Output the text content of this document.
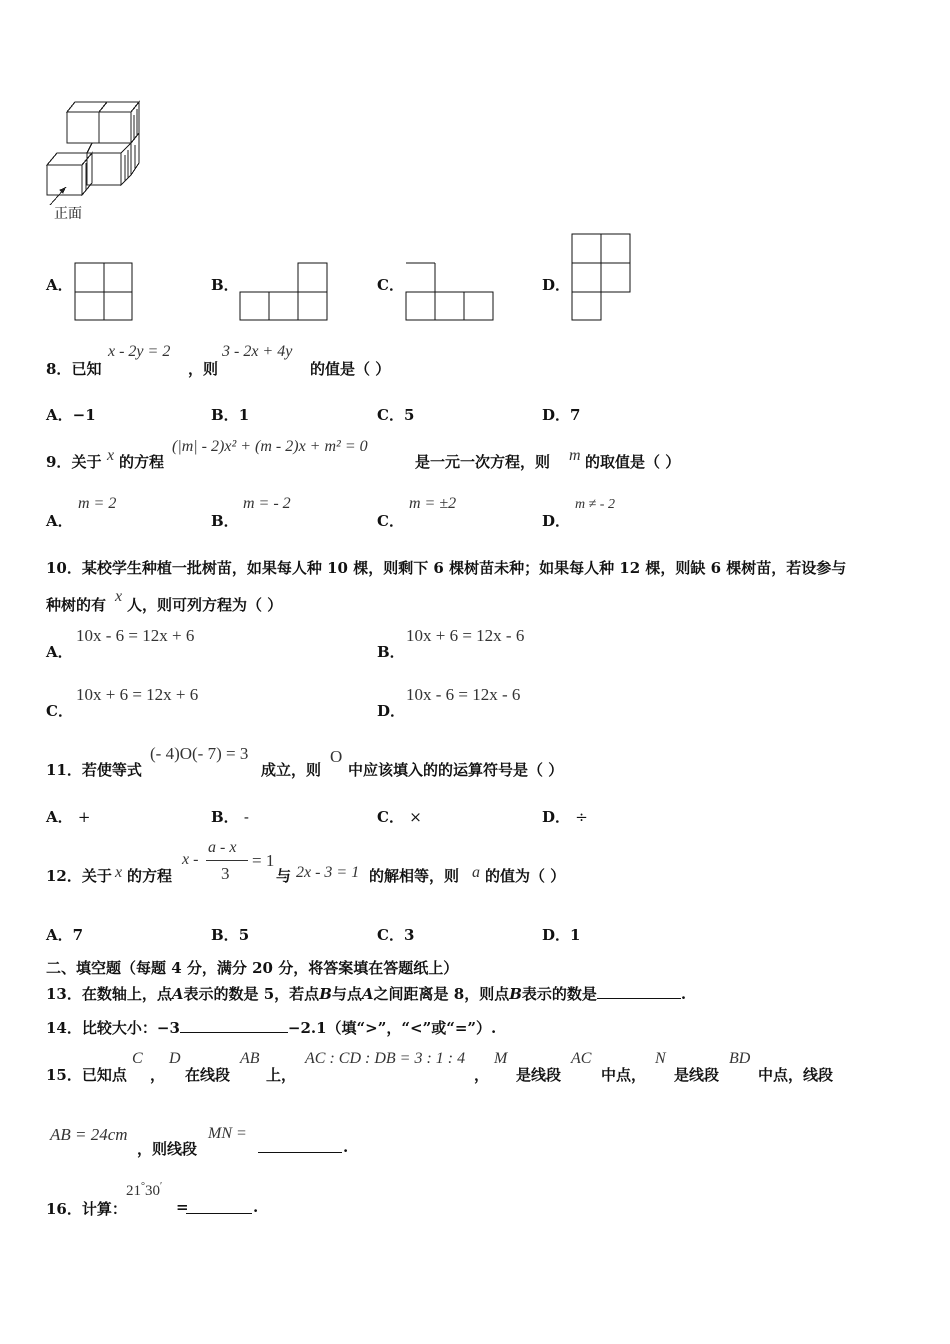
正面
A．	B．	C．	D．
8．已知
x - 2y = 2
，则
3 - 2x + 4y
的值是（ ）
A．−1	B．1	C．5	D．7
9．关于 x 的方程
(|m| - 2)x² + (m - 2)x + m² = 0
是一元一次方程，则 m 的取值是（ ）
A．
m = 2
B．
m = - 2
C．
m = ±2
D．
m ≠ - 2
10．某校学生种植一批树苗，如果每人种 10 棵，则剩下 6 棵树苗未种；如果每人种 12 棵，则缺 6 棵树苗，若设参与
种树的有 x 人，则可列方程为（ ）
A．
10x - 6 = 12x + 6
B．
10x + 6 = 12x - 6
C．
10x + 6 = 12x + 6
D．
10x - 6 = 12x - 6
11．若使等式
(- 4)O(- 7) = 3
成立，则
O
中应该填入的的运算符号是（ ）
A． +	B． -	C． ×	D． ÷
12．关于 x 的方程
x -
a - x
3
= 1
与 2x - 3 = 1 的解相等，则 a 的值为（ ）
A．7	B．5	C．3	D．1
二、填空题（每题 4 分，满分 20 分，将答案填在答题纸上）
13．在数轴上，点A表示的数是 5，若点B与点A之间距离是 8，则点B表示的数是	.
14．比较大小：−3	−2.1（填“>”，“<”或“=”）.
15．已知点
C
，
D
在线段
AB
上，
AC : CD : DB = 3 : 1 : 4
，
M
是线段
AC
中点，
N
是线段
BD
中点，线段
AB = 24cm
，则线段
MN =
.
16．计算：
21°30′
=	.
